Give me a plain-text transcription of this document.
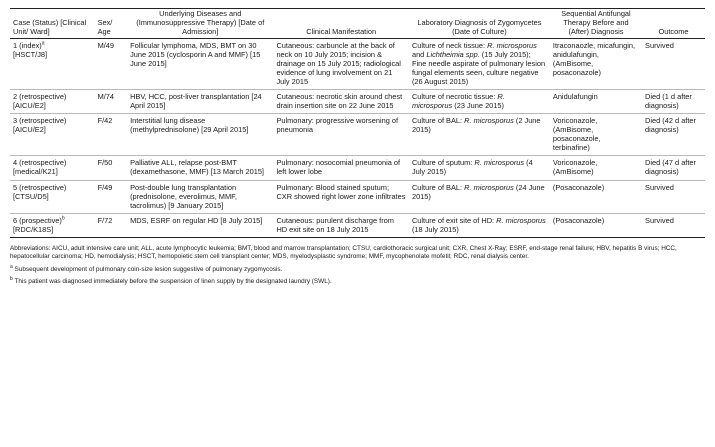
Case (Status) [Clinical Unit/ Ward]	Sex/ Age	Underlying Diseases and (Immunosuppressive Therapy) [Date of Admission]	Clinical Manifestation	Laboratory Diagnosis of Zygomycetes (Date of Culture)	Sequential Antifungal Therapy Before and (After) Diagnosis	Outcome
1 (index)$^a$
[HSCT/J8]	M/49	Follicular lymphoma, MDS, BMT on 30 June 2015 (cyclosporin A and MMF) [15 June 2015]	Cutaneous: carbuncle at the back of neck on 10 July 2015; incision & drainage on 15 July 2015; radiological evidence of lung involvement on 21 July 2015	Culture of neck tissue: R. microsporus and Lichtheimia spp. (15 July 2015); Fine needle aspirate of pulmonary lesion fungal elements seen, culture negative (26 August 2015)	Itraconaozle, micafungin, anidulafungin, (AmBisome, posaconazole)	Survived
2 (retrospective)
[AICU/E2]	M/74	HBV, HCC, post-liver transplantation [24 April 2015]	Cutaneous: necrotic skin around chest drain insertion site on 22 June 2015	Culture of necrotic tissue: R. microsporus (23 June 2015)	Anidulafungin	Died (1 d after diagnosis)
3 (retrospective)
[AICU/E2]	F/42	Interstitial lung disease (methylprednisolone) [29 April 2015]	Pulmonary: progressive worsening of pneumonia	Culture of BAL: R. microsporus (2 June 2015)	Voriconazole, (AmBisome, posaconazole, terbinafine)	Died (42 d after diagnosis)
4 (retrospective)
[medical/K21]	F/50	Palliative ALL, relapse post-BMT (dexamethasone, MMF) [13 March 2015]	Pulmonary: nosocomial pneumonia of left lower lobe	Culture of sputum: R. microsporus (4 July 2015)	Voriconazole, (AmBisome)	Died (47 d after diagnosis)
5 (retrospective)
[CTSU/D5]	F/49	Post-double lung transplantation (prednisolone, everolimus, MMF, tacrolimus) [9 January 2015]	Pulmonary: Blood stained sputum; CXR showed right lower zone infiltrates	Culture of BAL: R. microsporus (24 June 2015)	(Posaconazole)	Survived
6 (prospective)$^b$
[RDC/K18S]	F/72	MDS, ESRF on regular HD [8 July 2015]	Cutaneous: purulent discharge from HD exit site on 18 July 2015	Culture of exit site of HD: R. microsporus (18 July 2015)	(Posaconazole)	Survived

Abbreviations: AICU, adult intensive care unit; ALL, acute lymphocytic leukemia; BMT, blood and marrow transplantation; CTSU, cardiothoracic surgical unit; CXR, Chest X-Ray; ESRF, end-stage renal failure; HBV, hepatitis B virus; HCC, hepatocellular carcinoma; HD, hemodialysis; HSCT, hemopoietic stem cell transplant center; MDS, myelodysplastic syndrome; MMF, mycophenolate mofetil; RDC, renal dialysis center.

$^a$ Subsequent development of pulmonary coin-size lesion suggestive of pulmonary zygomycosis.

$^b$ This patient was diagnosed immediately before the suspension of linen supply by the designated laundry (SWL).
